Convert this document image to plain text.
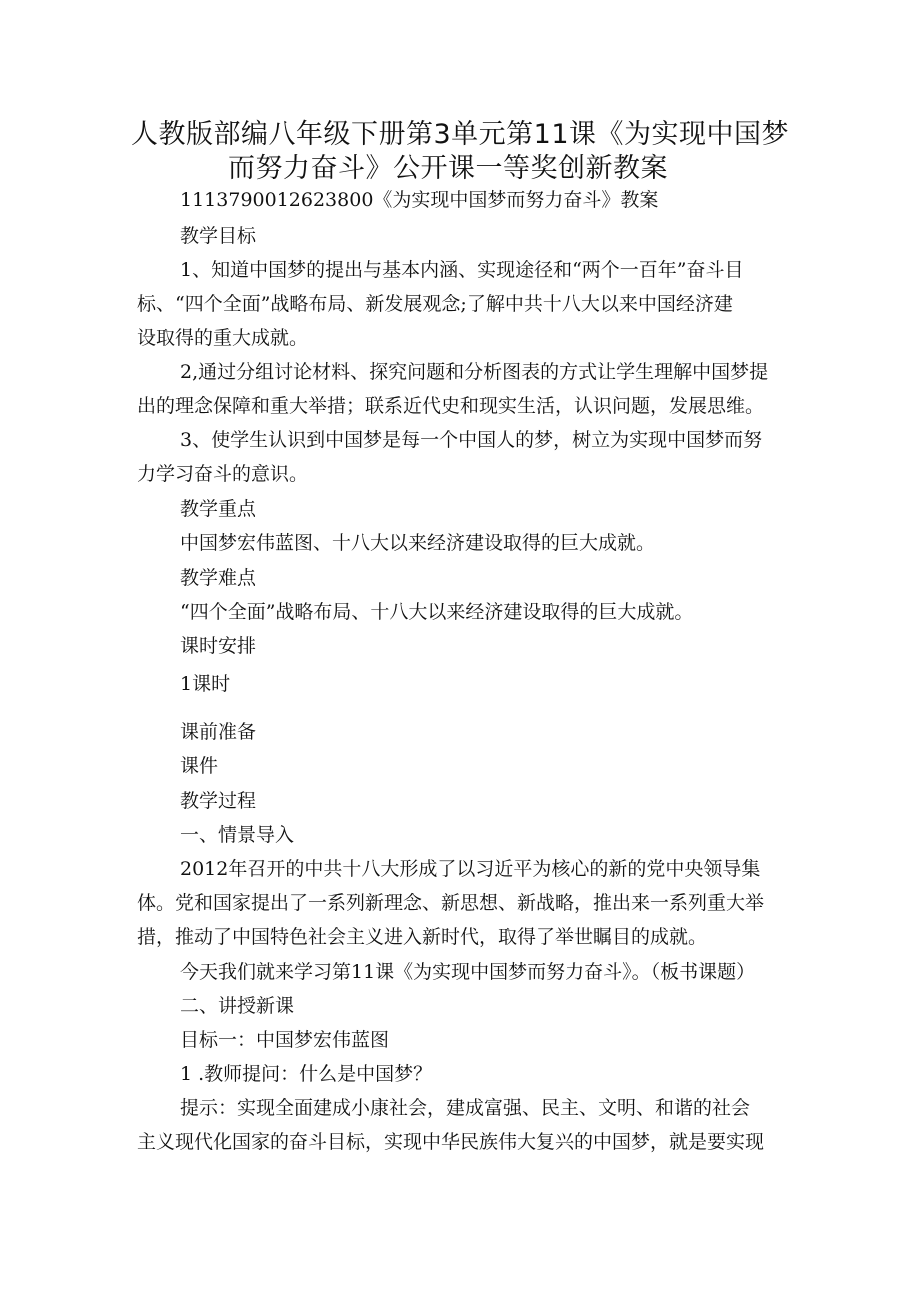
人教版部编八年级下册第3单元第11课《为实现中国梦
而努力奋斗》公开课一等奖创新教案
1113790012623800《为实现中国梦而努力奋斗》教案
教学目标
1、知道中国梦的提出与基本内涵、实现途径和“两个一百年”奋斗目
标、“四个全面”战略布局、新发展观念;了解中共十八大以来中国经济建
设取得的重大成就。
2,通过分组讨论材料、探究问题和分析图表的方式让学生理解中国梦提
出的理念保障和重大举措；联系近代史和现实生活，认识问题，发展思维。
3、使学生认识到中国梦是每一个中国人的梦，树立为实现中国梦而努
力学习奋斗的意识。
教学重点
中国梦宏伟蓝图、十八大以来经济建设取得的巨大成就。
教学难点
“四个全面”战略布局、十八大以来经济建设取得的巨大成就。
课时安排
1课时
课前准备
课件
教学过程
一、情景导入
2012年召开的中共十八大形成了以习近平为核心的新的党中央领导集
体。党和国家提出了一系列新理念、新思想、新战略，推出来一系列重大举
措，推动了中国特色社会主义进入新时代，取得了举世瞩目的成就。
今天我们就来学习第11课《为实现中国梦而努力奋斗》。（板书课题）
二、讲授新课
目标一：中国梦宏伟蓝图
1 .教师提问：什么是中国梦？
提示：实现全面建成小康社会，建成富强、民主、文明、和谐的社会
主义现代化国家的奋斗目标，实现中华民族伟大复兴的中国梦，就是要实现
